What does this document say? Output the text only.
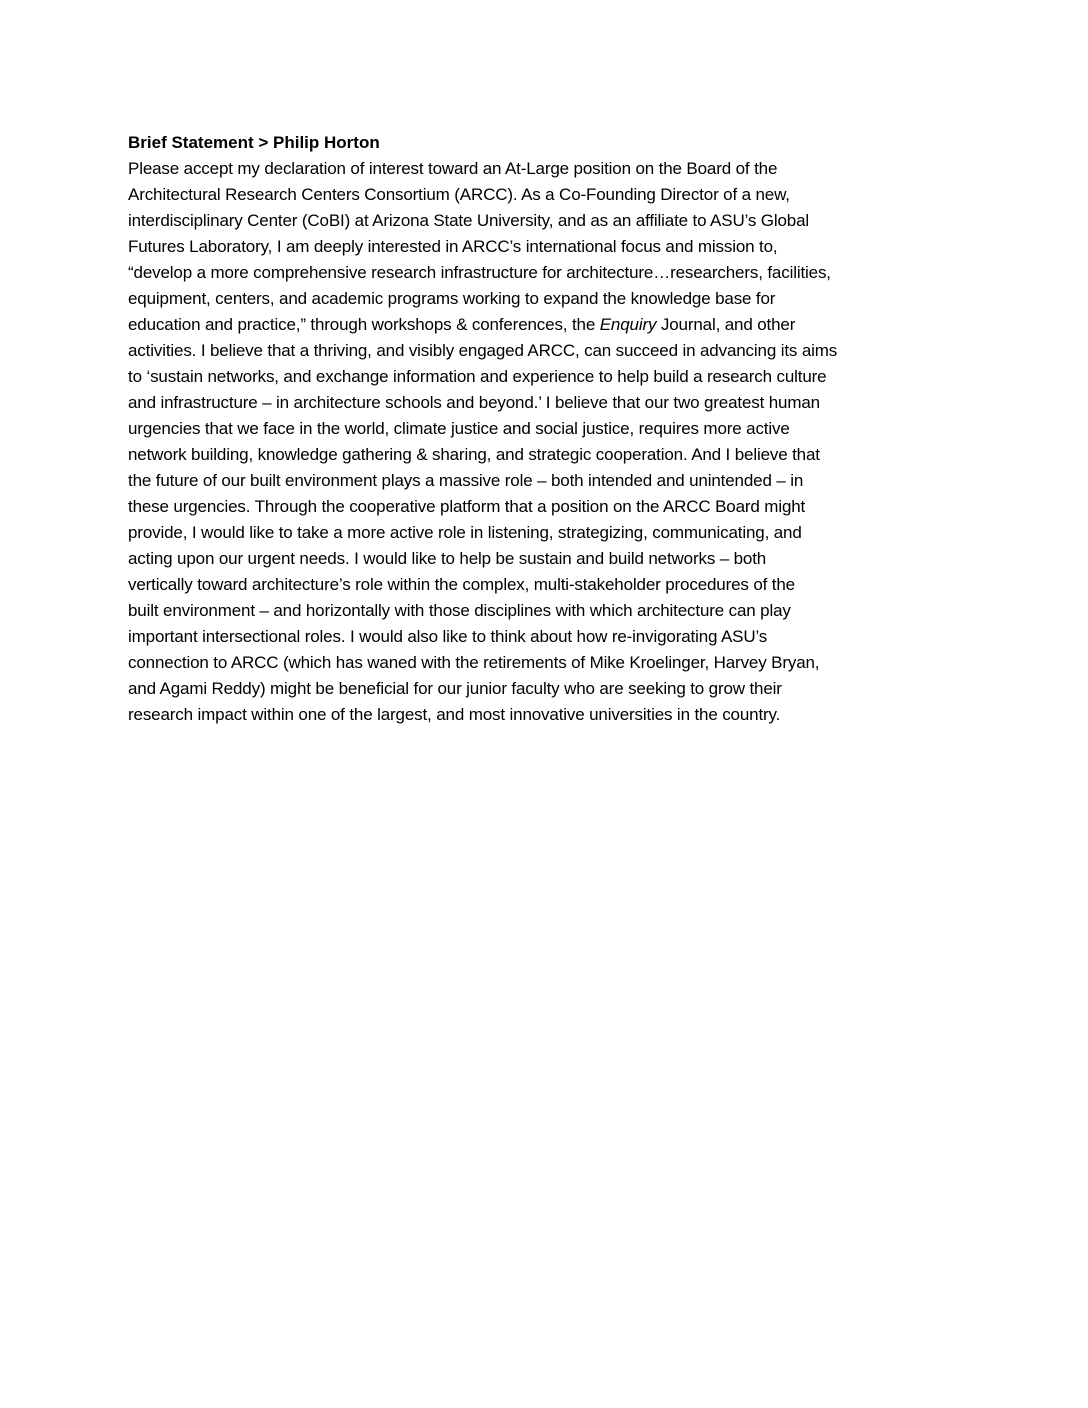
Brief Statement > Philip Horton

Please accept my declaration of interest toward an At-Large position on the Board of the
Architectural Research Centers Consortium (ARCC). As a Co-Founding Director of a new,
interdisciplinary Center (CoBI) at Arizona State University, and as an affiliate to ASU’s Global
Futures Laboratory, I am deeply interested in ARCC’s international focus and mission to,
“develop a more comprehensive research infrastructure for architecture…researchers, facilities,
equipment, centers, and academic programs working to expand the knowledge base for
education and practice,” through workshops & conferences, the Enquiry Journal, and other
activities. I believe that a thriving, and visibly engaged ARCC, can succeed in advancing its aims
to ‘sustain networks, and exchange information and experience to help build a research culture
and infrastructure – in architecture schools and beyond.’ I believe that our two greatest human
urgencies that we face in the world, climate justice and social justice, requires more active
network building, knowledge gathering & sharing, and strategic cooperation. And I believe that
the future of our built environment plays a massive role – both intended and unintended – in
these urgencies. Through the cooperative platform that a position on the ARCC Board might
provide, I would like to take a more active role in listening, strategizing, communicating, and
acting upon our urgent needs. I would like to help be sustain and build networks – both
vertically toward architecture’s role within the complex, multi-stakeholder procedures of the
built environment – and horizontally with those disciplines with which architecture can play
important intersectional roles. I would also like to think about how re-invigorating ASU’s
connection to ARCC (which has waned with the retirements of Mike Kroelinger, Harvey Bryan,
and Agami Reddy) might be beneficial for our junior faculty who are seeking to grow their
research impact within one of the largest, and most innovative universities in the country.
